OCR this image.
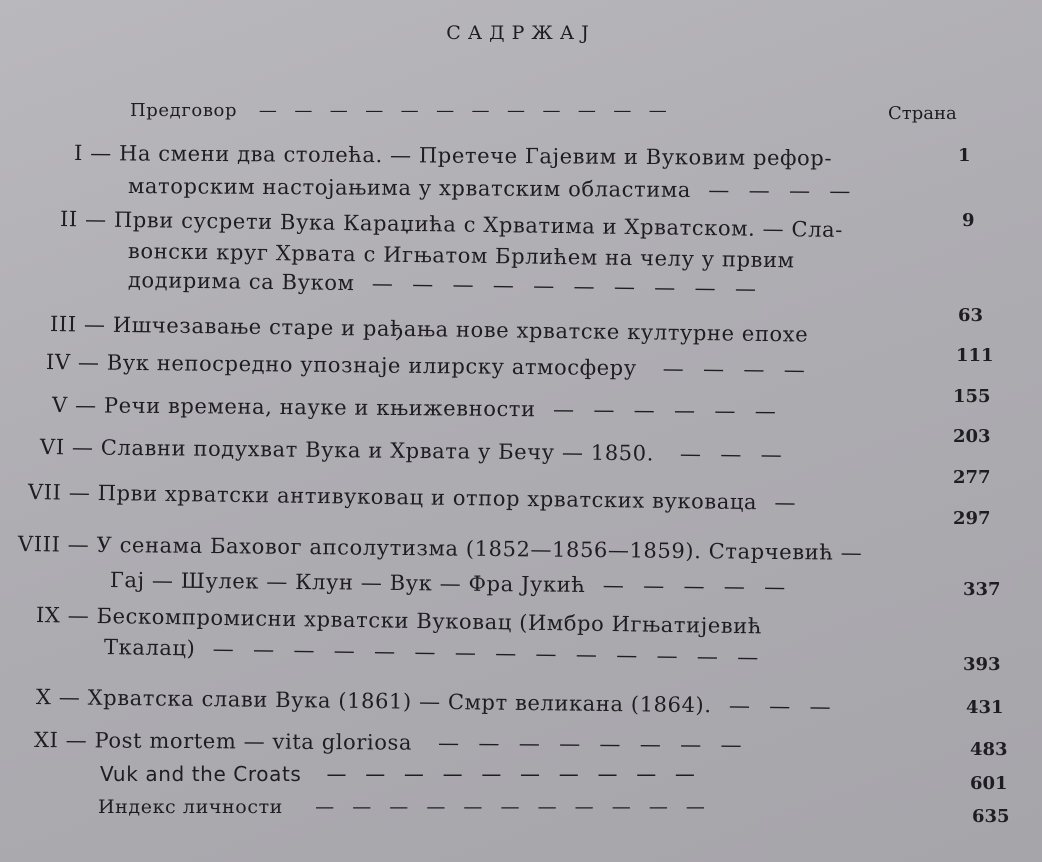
САДРЖАЈ
Предговор   —  —  —  —  —  —  —  —  —  —  —  —	Страна
I — На смени два столећа. — Претече Гајевим и Вуковим рефор-
маторским настојањима у хрватским областима  —  —  —  —
1
II — Први сусрети Вука Караџића с Хрватима и Хрватском. — Сла-
вонски круг Хрвата с Игњатом Брлићем на челу у првим
додирима са Вуком  —  —  —  —  —  —  —  —  —  —
9
III — Ишчезавање старе и рађања нове хрватске културне епохе	63
IV — Вук непосредно упознаје илирску атмосферу   —  —  —  —
111
V — Речи времена, науке и књижевности  —  —  —  —  —  —
155
VI — Славни подухват Вука и Хрвата у Бечу — 1850.   —  —  —
203
VII — Први хрватски антивуковац и отпор хрватских вуковаца  —
277
VIII — У сенама Баховог апсолутизма (1852—1856—1859). Старчевић —
Гај — Шулек — Клун — Вук — Фра Јукић  —  —  —  —  —
297
IX — Бескомпромисни хрватски Вуковац (Имбро Игњатијевић
Ткалац)  —  —  —  —  —  —  —  —  —  —  —  —  —  —
337
X — Хрватска слави Вука (1861) — Смрт великана (1864).  —  —  —
393
XI — Post mortem — vita gloriosa   —  —  —  —  —  —  —  —
431
Vuk and the Croats   —  —  —  —  —  —  —  —  —  —
483
Индекс личности    —  —  —  —  —  —  —  —  —  —  —
601
635
